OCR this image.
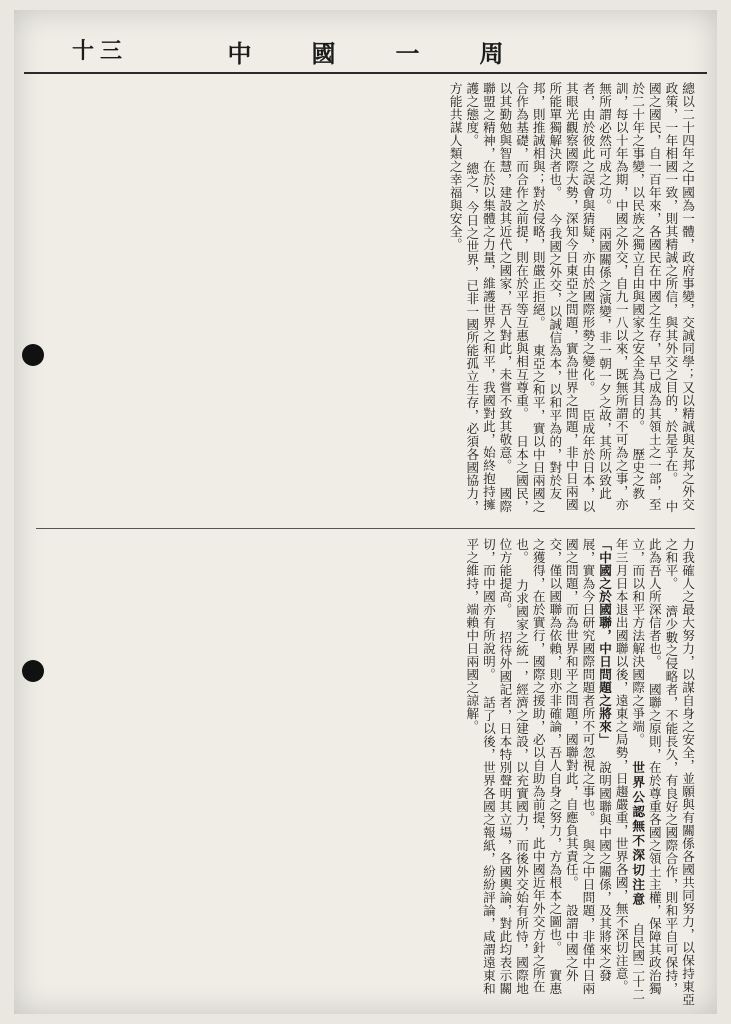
十三	中國一周
總以二十四年之中國為一體，政府事變，交誠同學；又以精誠與友邦之外交政策，一年相國一致，則其精誠之所信，與其外交之目的，於是乎在。 中國之國民，自一百年來，各國民在中國之生存，早已成為其領土之一部，至於二十年之事變，以民族之獨立自由與國家之安全為其目的。 歷史之教訓，每以十年為期，中國之外交，自九一八以來，既無所謂不可為之事，亦無所謂必然可成之功。 兩國關係之演變，非一朝一夕之故，其所以致此者，由於彼此之誤會與猜疑，亦由於國際形勢之變化。 臣成年於日本，以其眼光觀察國際大勢，深知今日東亞之問題，實為世界之問題，非中日兩國所能單獨解決者也。 今我國之外交，以誠信為本，以和平為的，對於友邦，則推誠相與；對於侵略，則嚴正拒絕。 東亞之和平，實以中日兩國之合作為基礎，而合作之前提，則在於平等互惠與相互尊重。 日本之國民，以其勤勉與智慧，建設其近代之國家，吾人對此，未嘗不致其敬意。 國際聯盟之精神，在於以集體之力量，維護世界之和平，我國對此，始終抱持擁護之態度。 總之，今日之世界，已非一國所能孤立生存，必須各國協力，方能共謀人類之幸福與安全。
力我確人之最大努力，以謀自身之安全，並願與有關係各國共同努力，以保持東亞之和平。 濟少數之侵略者，不能長久，有良好之國際合作，則和平自可保持，此為吾人所深信者也。 國聯之原則，在於尊重各國之領土主權，保障其政治獨立，而以和平方法解決國際之爭端。 世界公認無不深切注意 自民國二十二年三月日本退出國聯以後，遠東之局勢，日趨嚴重，世界各國，無不深切注意。 「中國之於國聯，中日問題之將來」 說明國聯與中國之關係，及其將來之發展，實為今日研究國際問題者所不可忽視之事也。 與之中日問題，非僅中日兩國之問題，而為世界和平之問題，國聯對此，自應負其責任。 設謂中國之外交，僅以國聯為依賴，則亦非確論，吾人自身之努力，方為根本之圖也。 實惠之獲得，在於實行，國際之援助，必以自助為前提，此中國近年外交方針之所在也。 力求國家之統一，經濟之建設，以充實國力，而後外交始有所恃，國際地位方能提高。 招待外國記者，日本特別聲明其立場，各國輿論，對此均表示關切，而中國亦有所說明。 話了以後，世界各國之報紙，紛紛評論，咸謂遠東和平之維持，端賴中日兩國之諒解。
